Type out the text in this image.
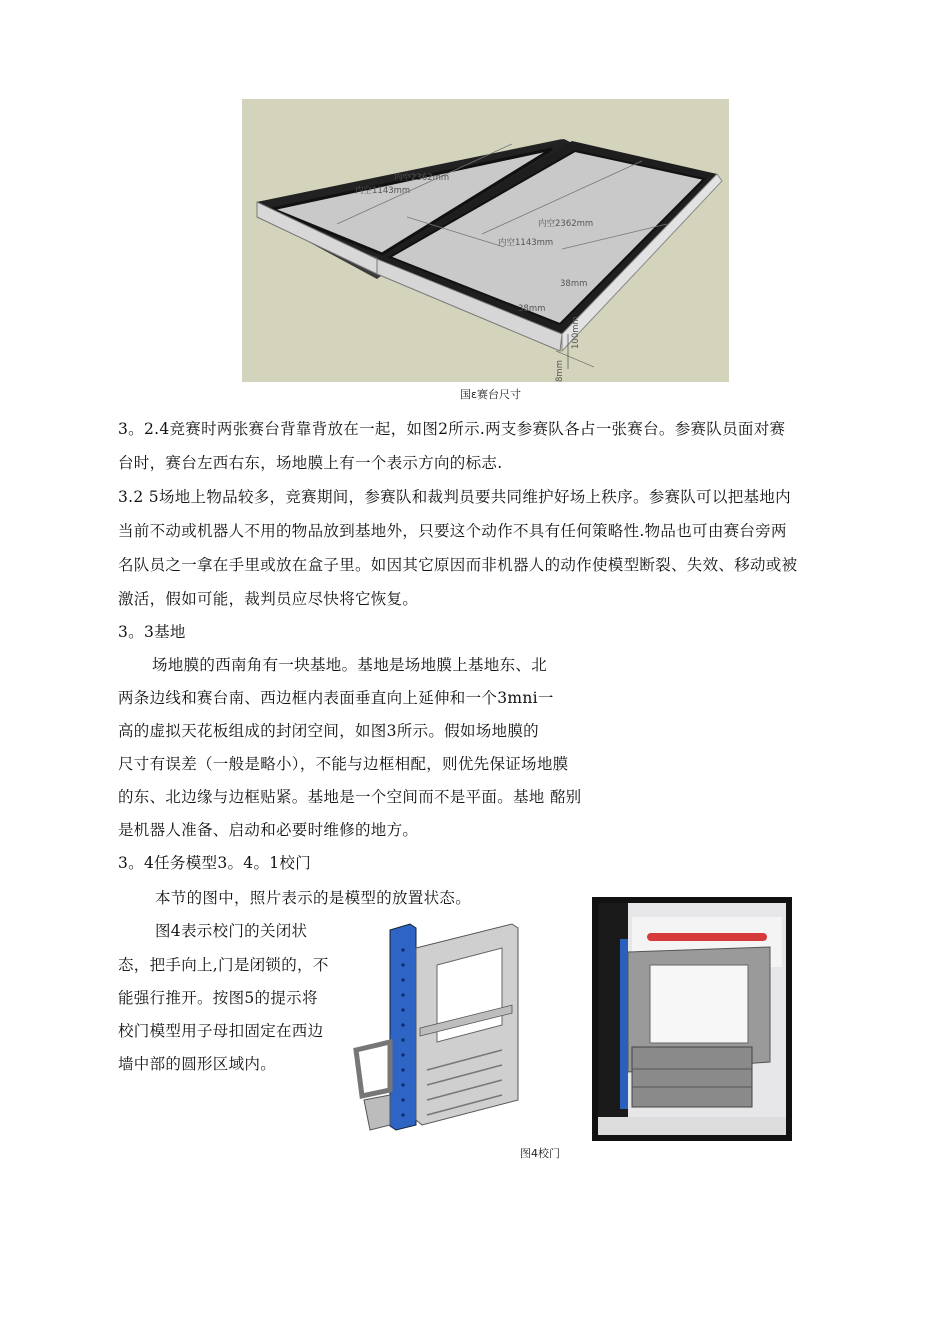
内空2362mm
内空1143mm
内空2362mm
内空1143mm
38mm
38mm
100mm
8mm
国ε赛台尺寸
3。2.4竞赛时两张赛台背靠背放在一起，如图2所示.两支参赛队各占一张赛台。参赛队员面对赛
台时，赛台左西右东，场地膜上有一个表示方向的标志.
3.2 5场地上物品较多，竞赛期间，参赛队和裁判员要共同维护好场上秩序。参赛队可以把基地内
当前不动或机器人不用的物品放到基地外，只要这个动作不具有任何策略性.物品也可由赛台旁两
名队员之一拿在手里或放在盒子里。如因其它原因而非机器人的动作使模型断裂、失效、移动或被
激活，假如可能，裁判员应尽快将它恢复。
3。3基地
场地膜的西南角有一块基地。基地是场地膜上基地东、北
两条边线和赛台南、西边框内表面垂直向上延伸和一个3mni一
高的虚拟天花板组成的封闭空间，如图3所示。假如场地膜的
尺寸有误差（一般是略小），不能与边框相配，则优先保证场地膜
的东、北边缘与边框贴紧。基地是一个空间而不是平面。基地 酩别
是机器人准备、启动和必要时维修的地方。
3。4任务模型3。4。1校门
本节的图中，照片表示的是模型的放置状态。
图4表示校门的关闭状
态，把手向上,门是闭锁的，不
能强行推开。按图5的提示将
校门模型用子母扣固定在西边
墙中部的圆形区域内。
图4校门
